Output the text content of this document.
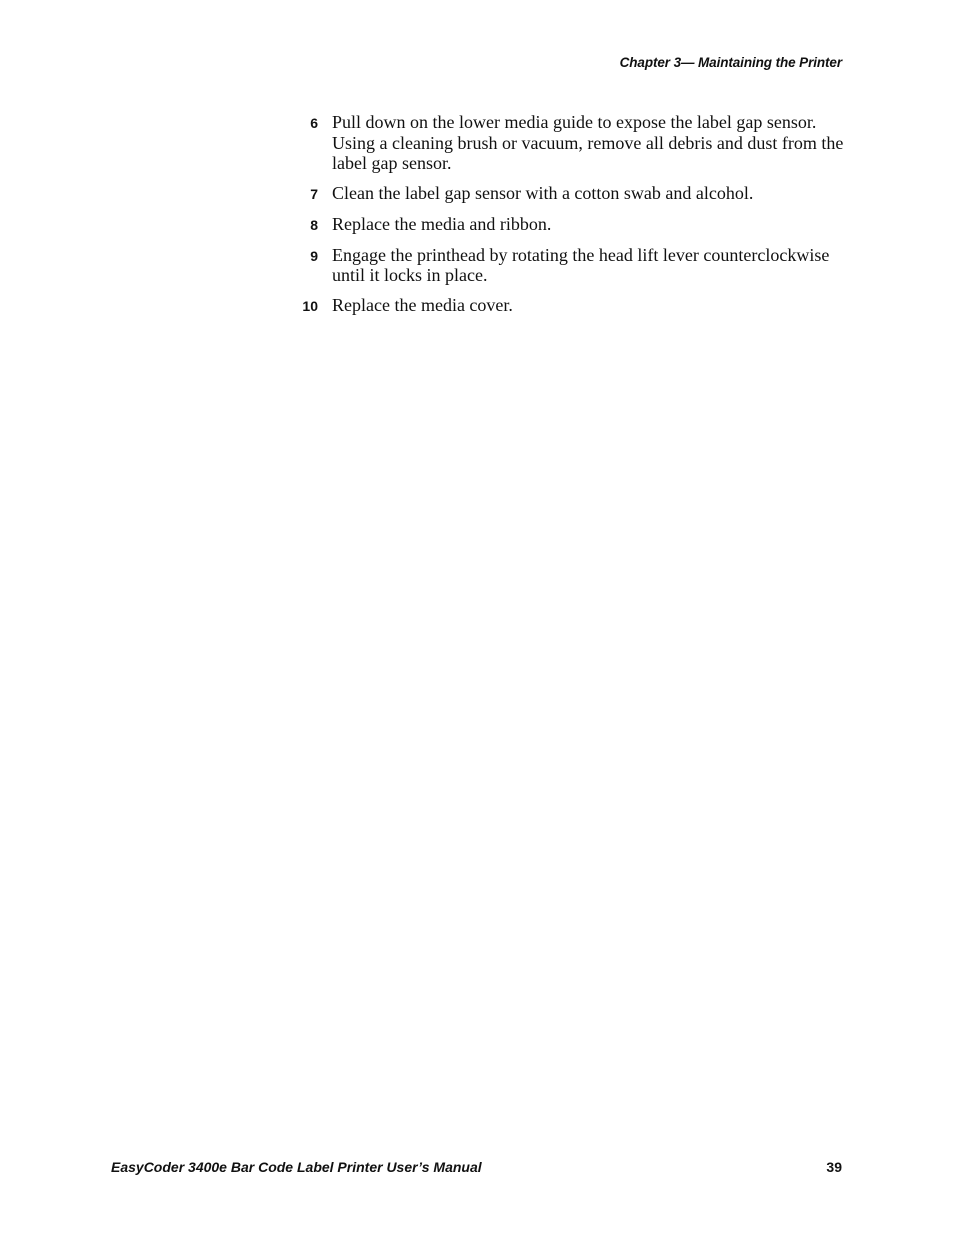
Chapter 3— Maintaining the Printer
6 Pull down on the lower media guide to expose the label gap sensor. Using a cleaning brush or vacuum, remove all debris and dust from the label gap sensor.
7 Clean the label gap sensor with a cotton swab and alcohol.
8 Replace the media and ribbon.
9 Engage the printhead by rotating the head lift lever counterclockwise until it locks in place.
10 Replace the media cover.
EasyCoder 3400e Bar Code Label Printer User’s Manual	39
